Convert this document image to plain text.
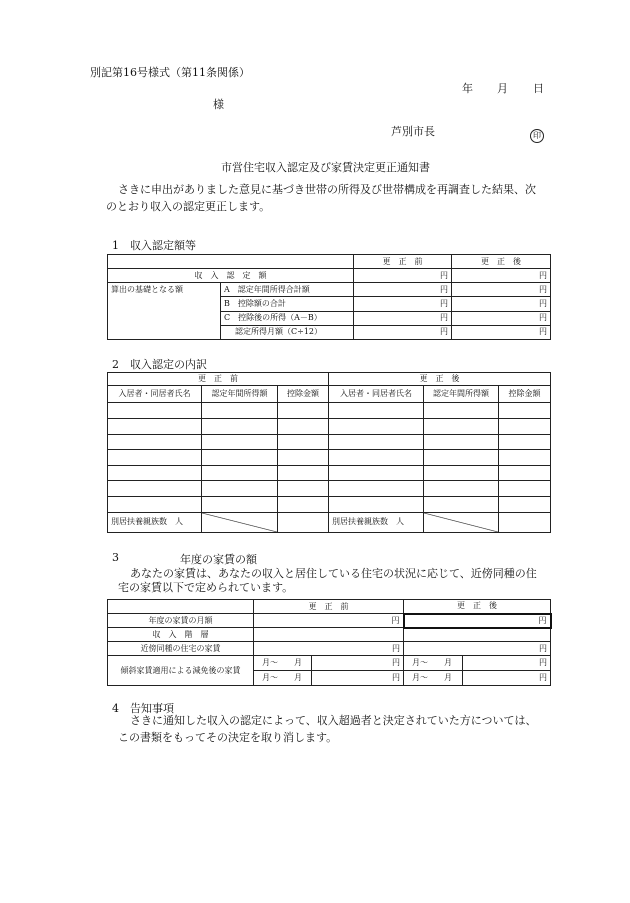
別記第16号様式（第11条関係）
年 月 日
様
芦別市長	印
市営住宅収入認定及び家賃決定更正通知書
さきに申出がありました意見に基づき世帯の所得及び世帯構成を再調査した結果、次
のとおり収入の認定更正します。
1　収入認定額等
		更　正　前	更　正　後
収　入　認　定　額		円	円
算出の基礎となる額	A　認定年間所得合計額	円	円
	B　控除額の合計	円	円
	C　控除後の所得（A－B）	円	円
	認定所得月額（C÷12）	円	円
2　収入認定の内訳
更　正　前			更　正　後		
入居者・同居者氏名	認定年間所得額	控除金額	入居者・同居者氏名	認定年間所得額	控除金額

別居扶養親族数　人			別居扶養親族数　人		
3	年度の家賃の額
あなたの家賃は、あなたの収入と居住している住宅の状況に応じて、近傍同種の住
宅の家賃以下で定められています。
	更　正　前		更　正　後	
年度の家賃の月額	円		円	
収　入　階　層				
近傍同種の住宅の家賃	円		円	
傾斜家賃適用による減免後の家賃	月～　　月	円	月～　　月	円
	月～　　月	円	月～　　月	円
4　告知事項
さきに通知した収入の認定によって、収入超過者と決定されていた方については、
この書類をもってその決定を取り消します。
